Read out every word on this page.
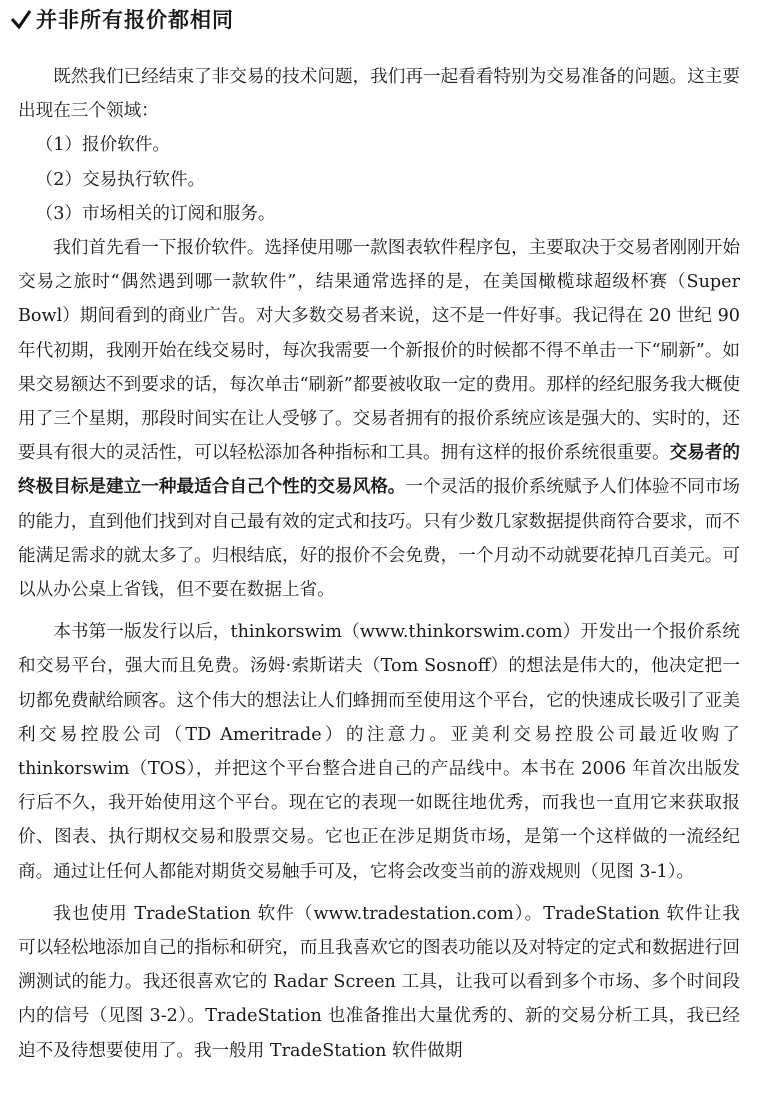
并非所有报价都相同

既然我们已经结束了非交易的技术问题，我们再一起看看特别为交易准备的问题。这主要出现在三个领域：

（1）报价软件。

（2）交易执行软件。

（3）市场相关的订阅和服务。

我们首先看一下报价软件。选择使用哪一款图表软件程序包，主要取决于交易者刚刚开始交易之旅时“偶然遇到哪一款软件”，结果通常选择的是，在美国橄榄球超级杯赛（Super Bowl）期间看到的商业广告。对大多数交易者来说，这不是一件好事。我记得在 20 世纪 90 年代初期，我刚开始在线交易时，每次我需要一个新报价的时候都不得不单击一下“刷新”。如果交易额达不到要求的话，每次单击“刷新”都要被收取一定的费用。那样的经纪服务我大概使用了三个星期，那段时间实在让人受够了。交易者拥有的报价系统应该是强大的、实时的，还要具有很大的灵活性，可以轻松添加各种指标和工具。拥有这样的报价系统很重要。交易者的终极目标是建立一种最适合自己个性的交易风格。一个灵活的报价系统赋予人们体验不同市场的能力，直到他们找到对自己最有效的定式和技巧。只有少数几家数据提供商符合要求，而不能满足需求的就太多了。归根结底，好的报价不会免费，一个月动不动就要花掉几百美元。可以从办公桌上省钱，但不要在数据上省。

本书第一版发行以后，thinkorswim（www.thinkorswim.com）开发出一个报价系统和交易平台，强大而且免费。汤姆·索斯诺夫（Tom Sosnoff）的想法是伟大的，他决定把一切都免费献给顾客。这个伟大的想法让人们蜂拥而至使用这个平台，它的快速成长吸引了亚美利交易控股公司（TD Ameritrade）的注意力。亚美利交易控股公司最近收购了 thinkorswim（TOS），并把这个平台整合进自己的产品线中。本书在 2006 年首次出版发行后不久，我开始使用这个平台。现在它的表现一如既往地优秀，而我也一直用它来获取报价、图表、执行期权交易和股票交易。它也正在涉足期货市场，是第一个这样做的一流经纪商。通过让任何人都能对期货交易触手可及，它将会改变当前的游戏规则（见图 3-1）。

我也使用 TradeStation 软件（www.tradestation.com）。TradeStation 软件让我可以轻松地添加自己的指标和研究，而且我喜欢它的图表功能以及对特定的定式和数据进行回溯测试的能力。我还很喜欢它的 Radar Screen 工具，让我可以看到多个市场、多个时间段内的信号（见图 3-2）。TradeStation 也准备推出大量优秀的、新的交易分析工具，我已经迫不及待想要使用了。我一般用 TradeStation 软件做期
